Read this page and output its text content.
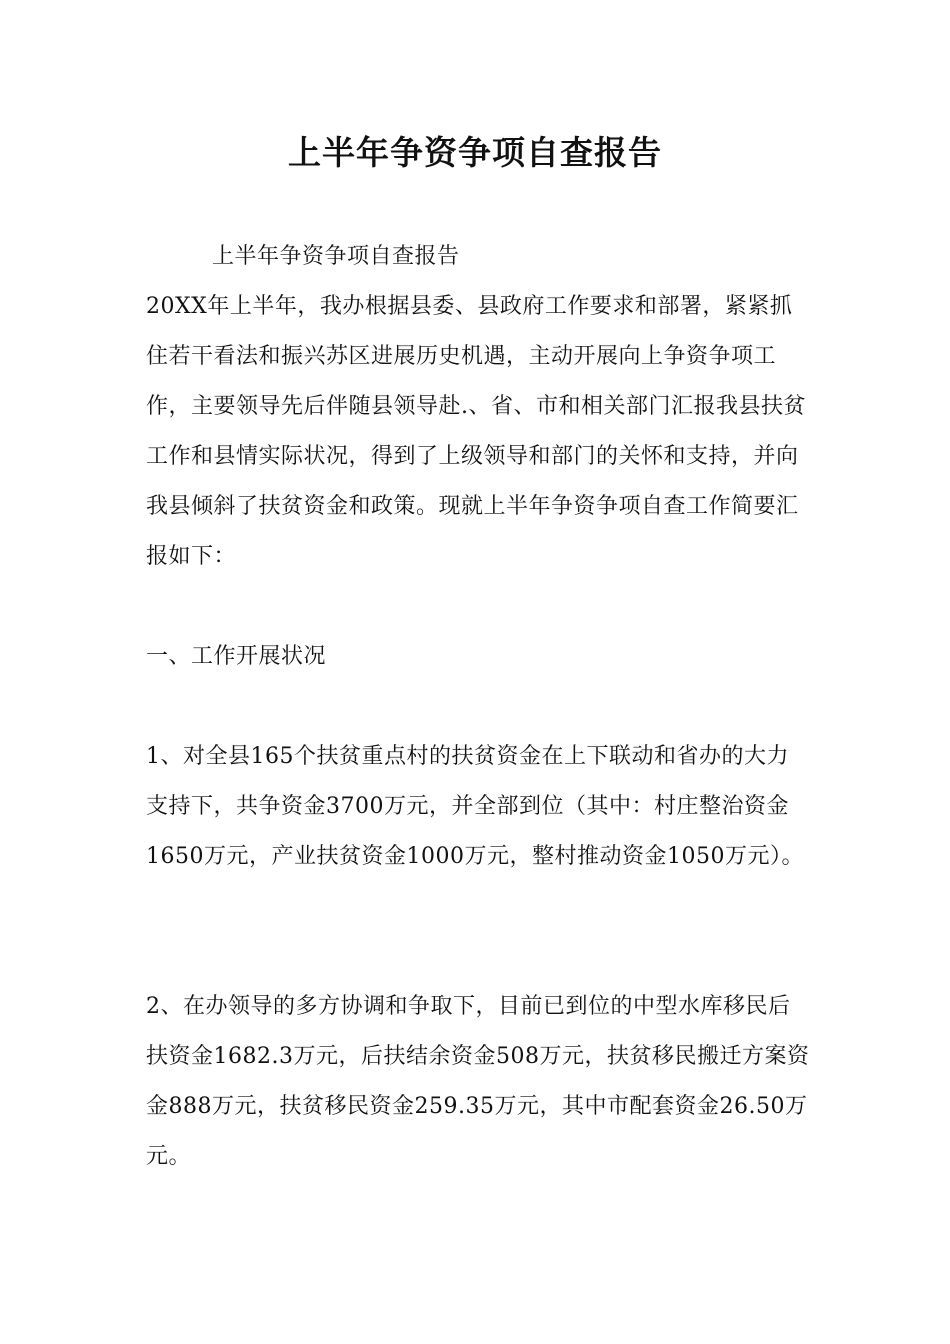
上半年争资争项自查报告

上半年争资争项自查报告

20XX年上半年，我办根据县委、县政府工作要求和部署，紧紧抓住若干看法和振兴苏区进展历史机遇，主动开展向上争资争项工作，主要领导先后伴随县领导赴.、省、市和相关部门汇报我县扶贫工作和县情实际状况，得到了上级领导和部门的关怀和支持，并向我县倾斜了扶贫资金和政策。现就上半年争资争项自查工作简要汇报如下：

一、工作开展状况

1、对全县165个扶贫重点村的扶贫资金在上下联动和省办的大力支持下，共争资金3700万元，并全部到位（其中：村庄整治资金1650万元，产业扶贫资金1000万元，整村推动资金1050万元）。

2、在办领导的多方协调和争取下，目前已到位的中型水库移民后扶资金1682.3万元，后扶结余资金508万元，扶贫移民搬迁方案资金888万元，扶贫移民资金259.35万元，其中市配套资金26.50万元。
